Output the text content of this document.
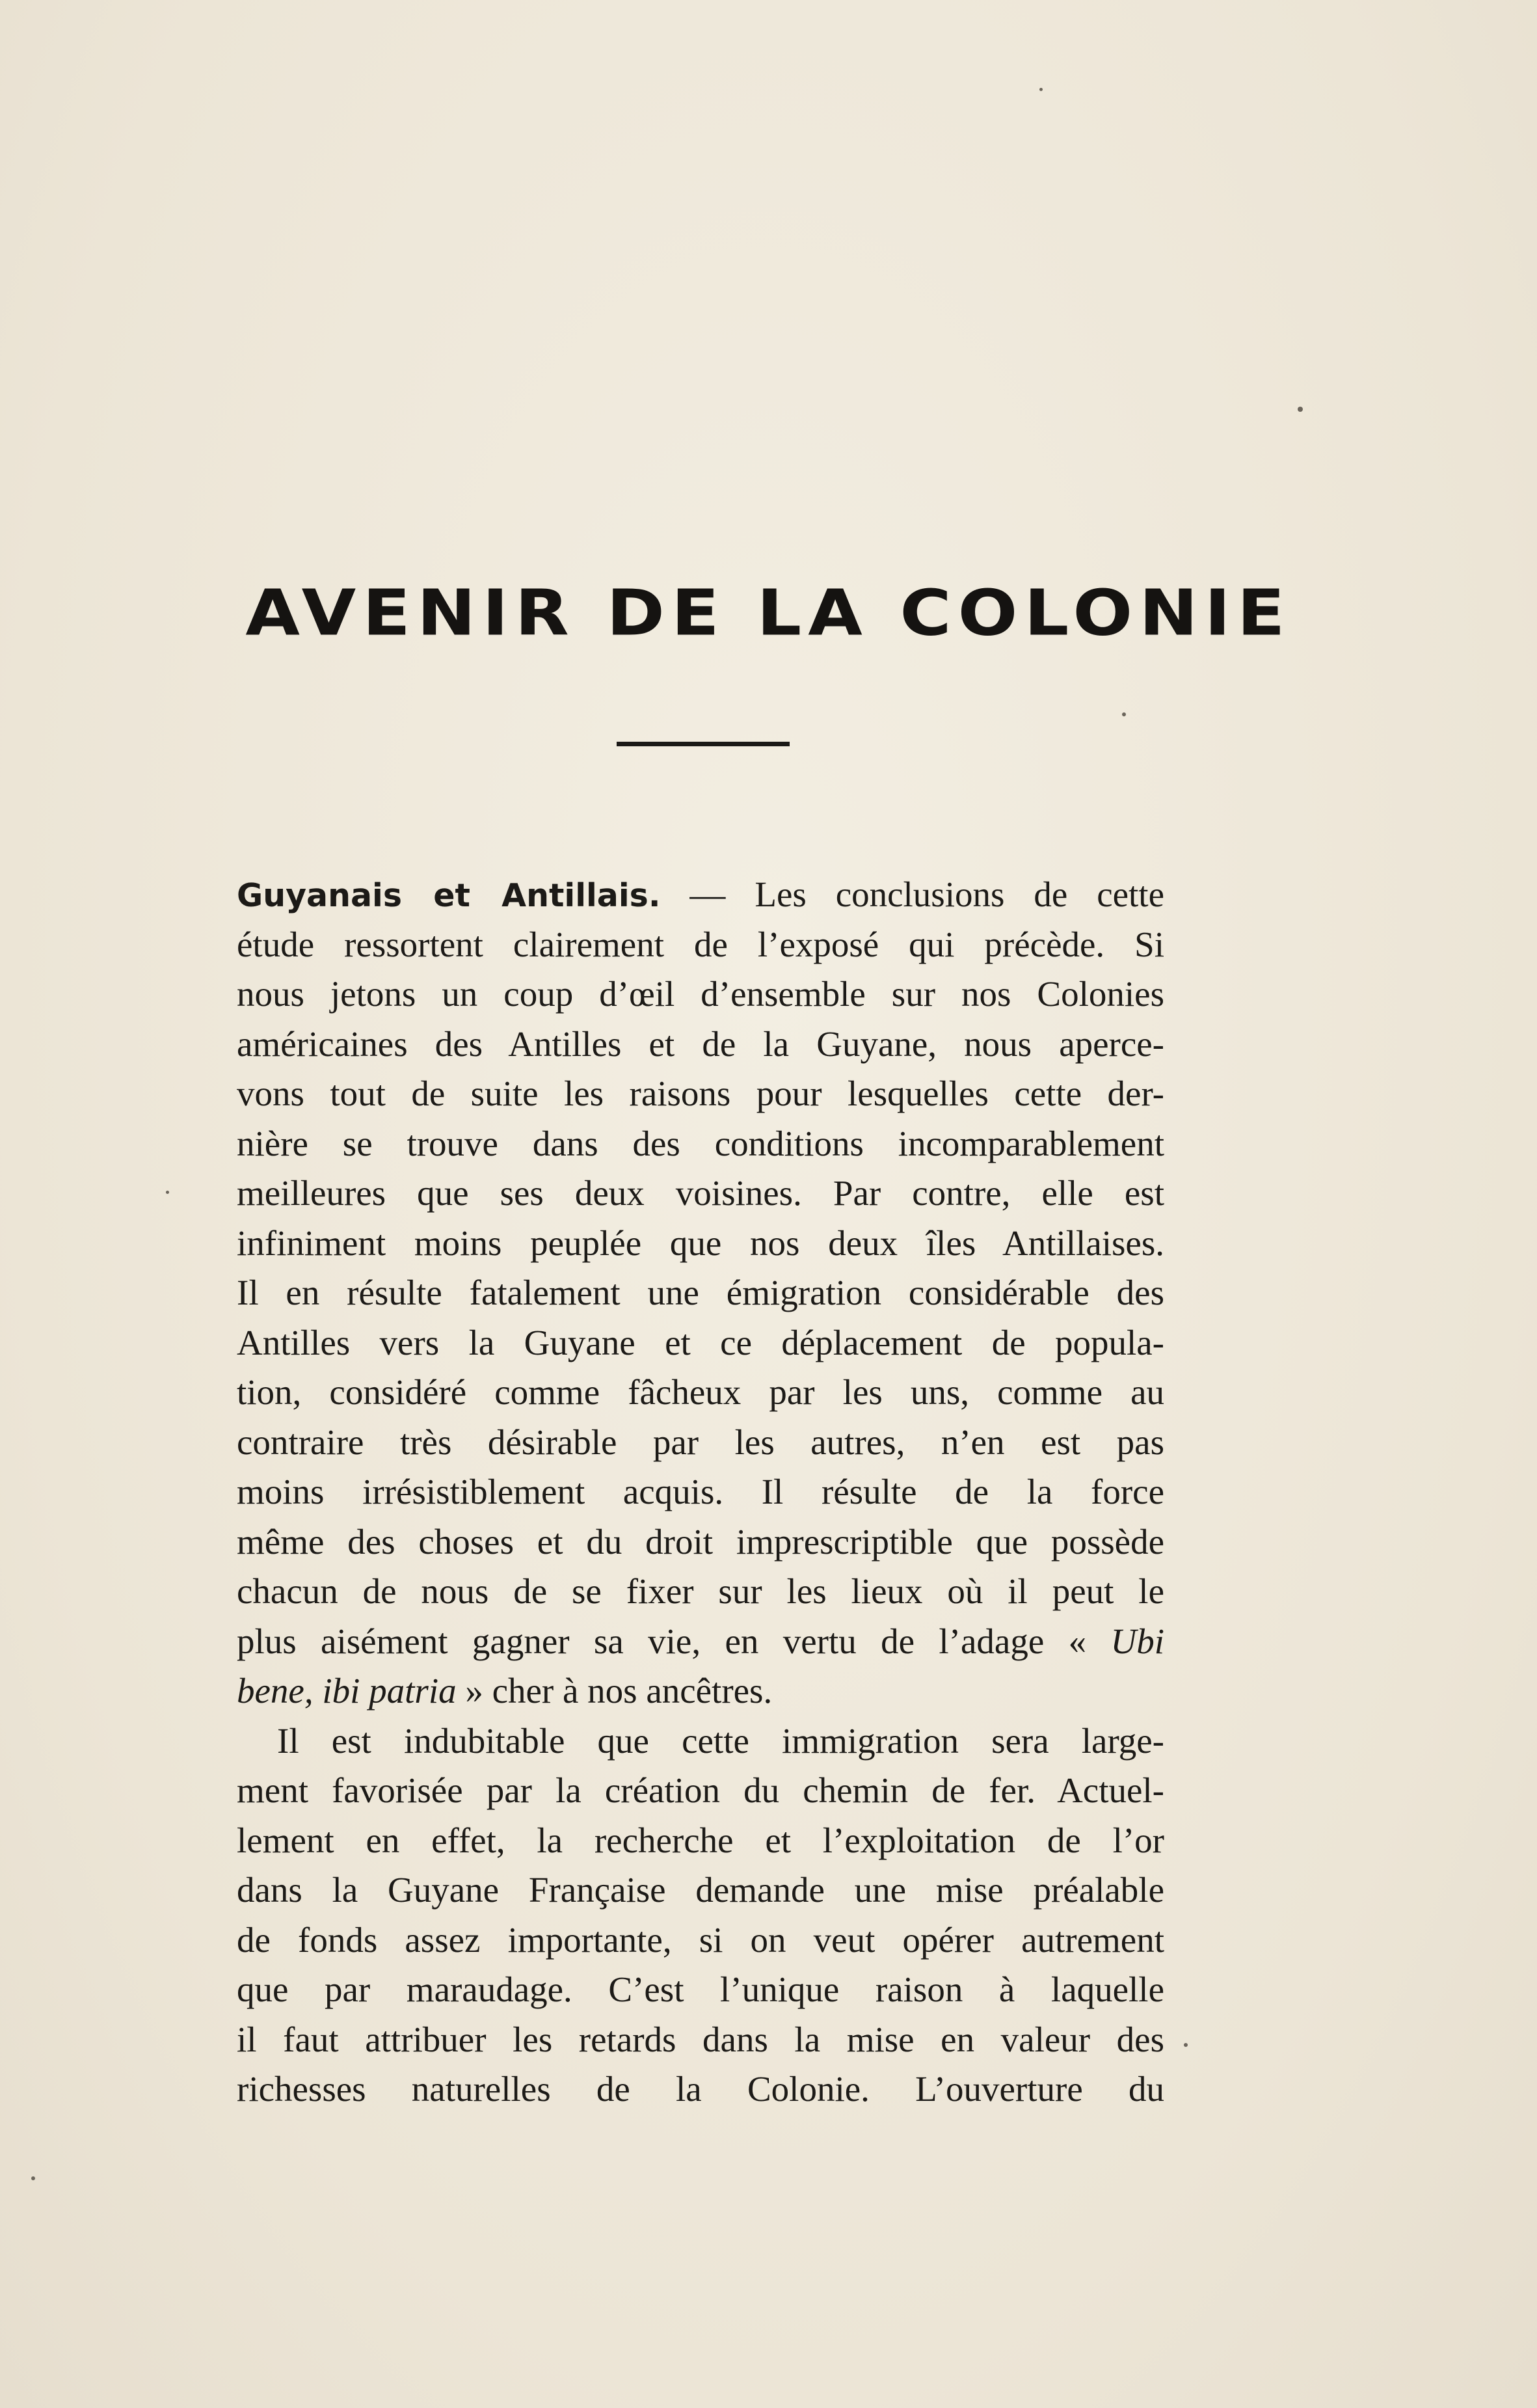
AVENIR DE LA COLONIE
Guyanais et Antillais. — Les conclusions de cette
étude ressortent clairement de l’exposé qui précède. Si
nous jetons un coup d’œil d’ensemble sur nos Colonies
américaines des Antilles et de la Guyane, nous aperce-
vons tout de suite les raisons pour lesquelles cette der-
nière se trouve dans des conditions incomparablement
meilleures que ses deux voisines. Par contre, elle est
infiniment moins peuplée que nos deux îles Antillaises.
Il en résulte fatalement une émigration considérable des
Antilles vers la Guyane et ce déplacement de popula-
tion, considéré comme fâcheux par les uns, comme au
contraire très désirable par les autres, n’en est pas
moins irrésistiblement acquis. Il résulte de la force
même des choses et du droit imprescriptible que possède
chacun de nous de se fixer sur les lieux où il peut le
plus aisément gagner sa vie, en vertu de l’adage « Ubi
bene, ibi patria » cher à nos ancêtres.
Il est indubitable que cette immigration sera large-
ment favorisée par la création du chemin de fer. Actuel-
lement en effet, la recherche et l’exploitation de l’or
dans la Guyane Française demande une mise préalable
de fonds assez importante, si on veut opérer autrement
que par maraudage. C’est l’unique raison à laquelle
il faut attribuer les retards dans la mise en valeur des
richesses naturelles de la Colonie. L’ouverture du
